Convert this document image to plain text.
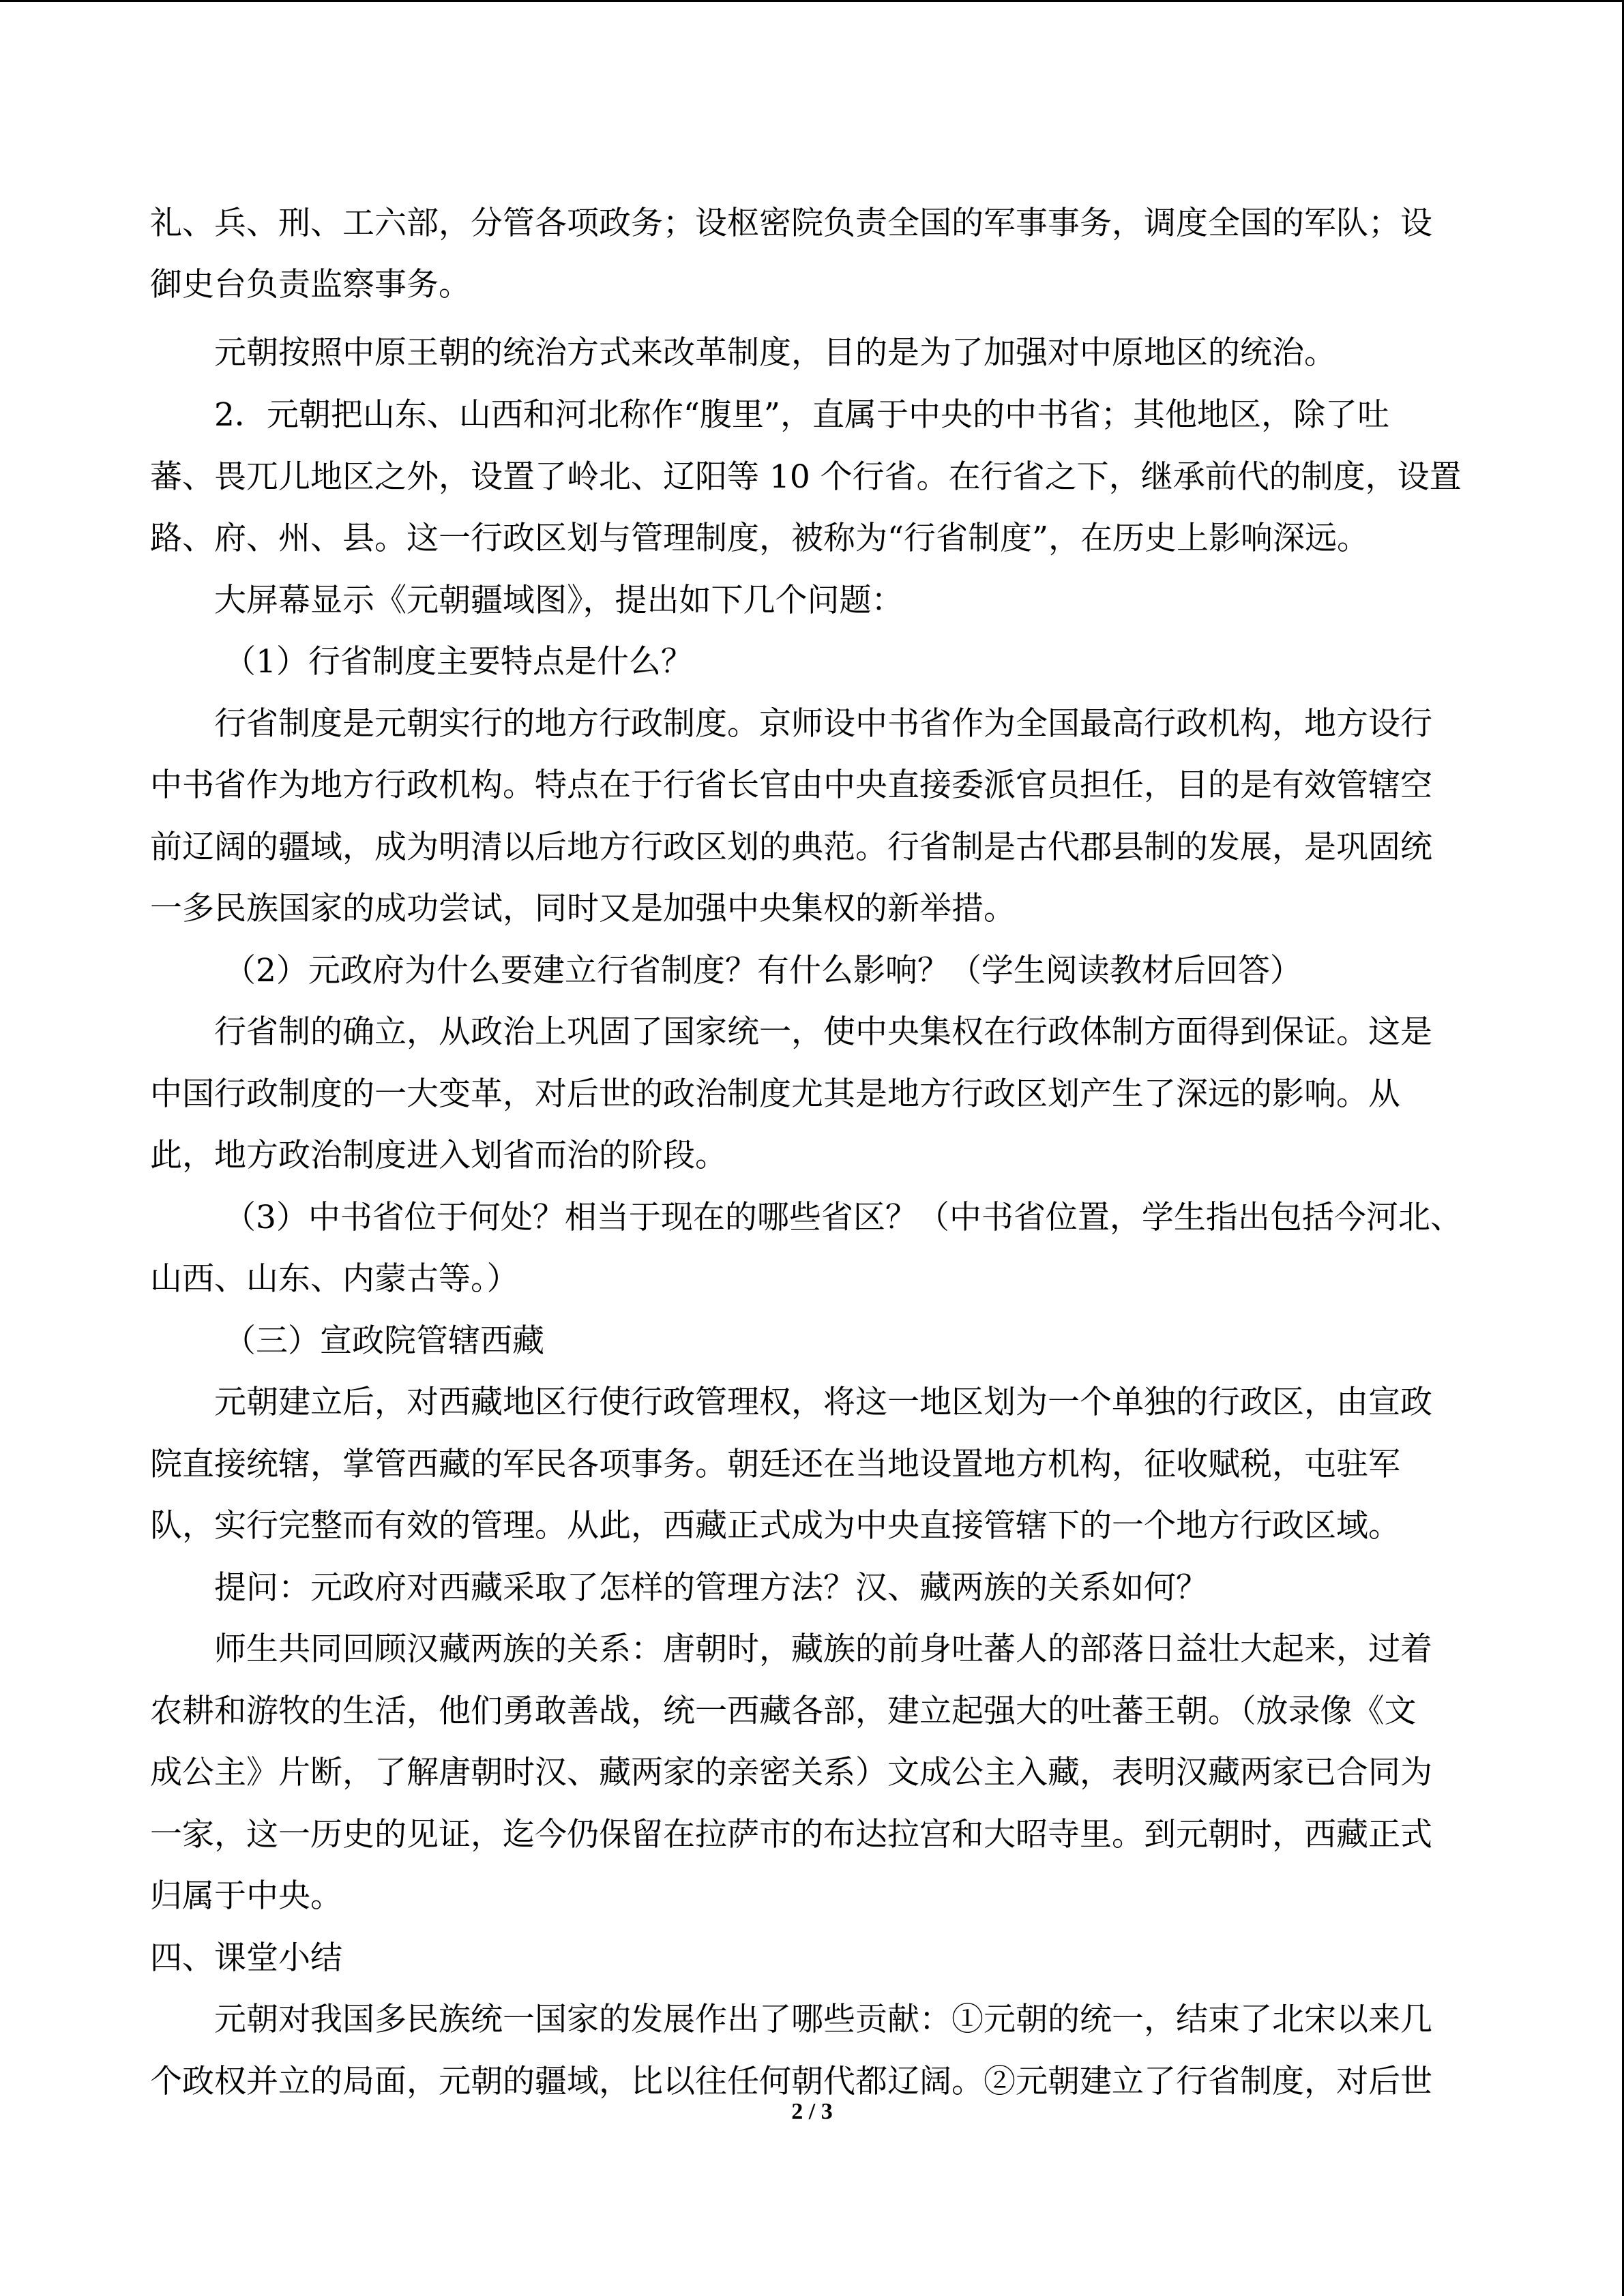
礼、兵、刑、工六部，分管各项政务；设枢密院负责全国的军事事务，调度全国的军队；设
御史台负责监察事务。
元朝按照中原王朝的统治方式来改革制度，目的是为了加强对中原地区的统治。
2．元朝把山东、山西和河北称作“腹里”，直属于中央的中书省；其他地区，除了吐
蕃、畏兀儿地区之外，设置了岭北、辽阳等 10 个行省。在行省之下，继承前代的制度，设置
路、府、州、县。这一行政区划与管理制度，被称为“行省制度”，在历史上影响深远。
大屏幕显示《元朝疆域图》，提出如下几个问题：
（1）行省制度主要特点是什么？
行省制度是元朝实行的地方行政制度。京师设中书省作为全国最高行政机构，地方设行
中书省作为地方行政机构。特点在于行省长官由中央直接委派官员担任，目的是有效管辖空
前辽阔的疆域，成为明清以后地方行政区划的典范。行省制是古代郡县制的发展，是巩固统
一多民族国家的成功尝试，同时又是加强中央集权的新举措。
（2）元政府为什么要建立行省制度？有什么影响？（学生阅读教材后回答）
行省制的确立，从政治上巩固了国家统一，使中央集权在行政体制方面得到保证。这是
中国行政制度的一大变革，对后世的政治制度尤其是地方行政区划产生了深远的影响。从
此，地方政治制度进入划省而治的阶段。
（3）中书省位于何处？相当于现在的哪些省区？（中书省位置，学生指出包括今河北、
山西、山东、内蒙古等。）
（三）宣政院管辖西藏
元朝建立后，对西藏地区行使行政管理权，将这一地区划为一个单独的行政区，由宣政
院直接统辖，掌管西藏的军民各项事务。朝廷还在当地设置地方机构，征收赋税，屯驻军
队，实行完整而有效的管理。从此，西藏正式成为中央直接管辖下的一个地方行政区域。
提问：元政府对西藏采取了怎样的管理方法？汉、藏两族的关系如何？
师生共同回顾汉藏两族的关系：唐朝时，藏族的前身吐蕃人的部落日益壮大起来，过着
农耕和游牧的生活，他们勇敢善战，统一西藏各部，建立起强大的吐蕃王朝。（放录像《文
成公主》片断，了解唐朝时汉、藏两家的亲密关系）文成公主入藏，表明汉藏两家已合同为
一家，这一历史的见证，迄今仍保留在拉萨市的布达拉宫和大昭寺里。到元朝时，西藏正式
归属于中央。
四、课堂小结
元朝对我国多民族统一国家的发展作出了哪些贡献：①元朝的统一，结束了北宋以来几
个政权并立的局面，元朝的疆域，比以往任何朝代都辽阔。②元朝建立了行省制度，对后世
2 / 3
